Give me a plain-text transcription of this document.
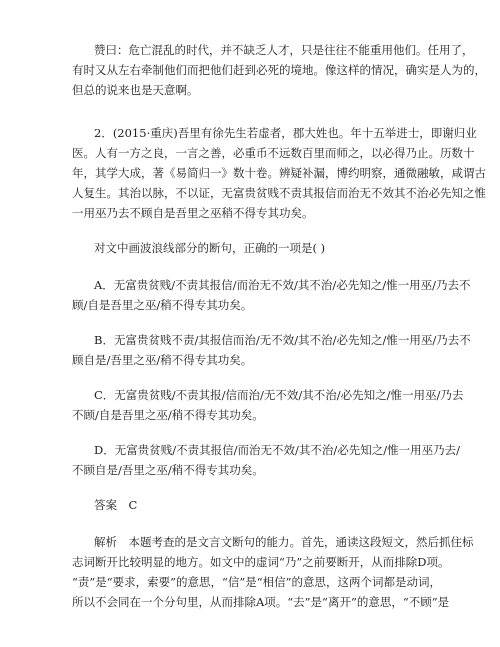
赞曰：危亡混乱的时代，并不缺乏人才，只是往往不能重用他们。任用了，
有时又从左右牵制他们而把他们赶到必死的境地。像这样的情况，确实是人为的，
但总的说来也是天意啊。
2．(2015·重庆)吾里有徐先生若虚者，郡大姓也。年十五举进士，即谢归业
医。人有一方之良，一言之善，必重币不远数百里而师之，以必得乃止。历数十
年，其学大成，著《易简归一》数十卷。辨疑补漏，博约明察，通微融敏，咸谓古
人复生。其治以脉，不以证，无富贵贫贱不责其报信而治无不效其不治必先知之惟
一用巫乃去不顾自是吾里之巫稍不得专其功矣。
对文中画波浪线部分的断句，正确的一项是( )
A．无富贵贫贱/不责其报信/而治无不效/其不治/必先知之/惟一用巫/乃去不
顾/自是吾里之巫/稍不得专其功矣。
B．无富贵贫贱不责/其报信而治/无不效/其不治/必先知之/惟一用巫/乃去不
顾自是/吾里之巫/稍不得专其功矣。
C．无富贵贫贱/不责其报/信而治/无不效/其不治/必先知之/惟一用巫/乃去
不顾/自是吾里之巫/稍不得专其功矣。
D．无富贵贫贱/不责其报信/而治无不效/其不治/必先知之/惟一用巫乃去/
不顾自是/吾里之巫/稍不得专其功矣。
答案　C
解析　本题考查的是文言文断句的能力。首先，通读这段短文，然后抓住标
志词断开比较明显的地方。如文中的虚词“乃”之前要断开，从而排除D项。
“责”是“要求，索要”的意思，“信”是“相信”的意思，这两个词都是动词，
所以不会同在一个分句里，从而排除A项。“去”是“离开”的意思，“不顾”是
